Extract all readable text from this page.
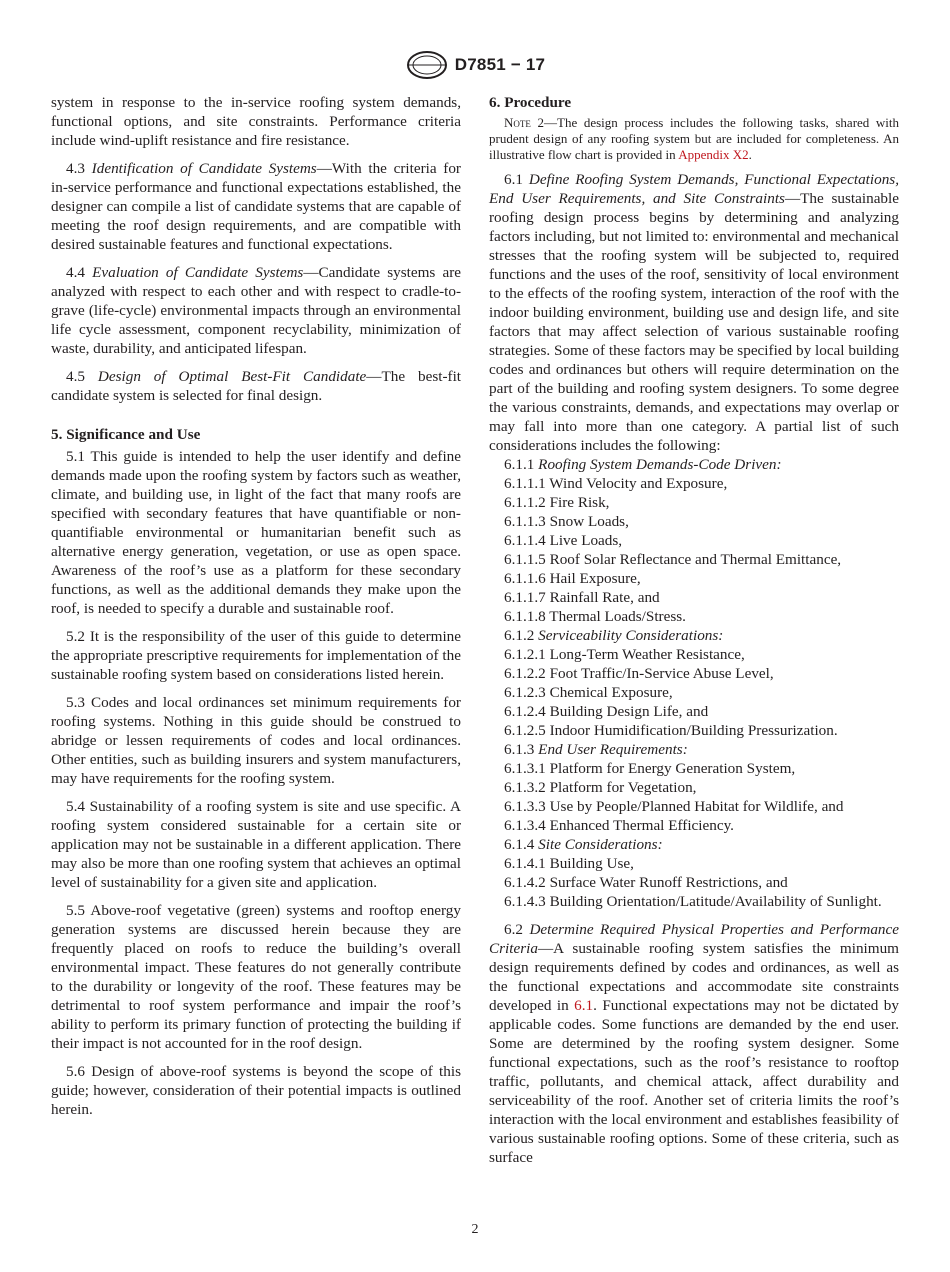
D7851 − 17

system in response to the in-service roofing system demands, functional options, and site constraints. Performance criteria include wind-uplift resistance and fire resistance.

4.3 Identification of Candidate Systems—With the criteria for in-service performance and functional expectations established, the designer can compile a list of candidate systems that are capable of meeting the roof design requirements, and are compatible with desired sustainable features and functional expectations.

4.4 Evaluation of Candidate Systems—Candidate systems are analyzed with respect to each other and with respect to cradle-to-grave (life-cycle) environmental impacts through an environmental life cycle assessment, component recyclability, minimization of waste, durability, and anticipated lifespan.

4.5 Design of Optimal Best-Fit Candidate—The best-fit candidate system is selected for final design.

5. Significance and Use

5.1 This guide is intended to help the user identify and define demands made upon the roofing system by factors such as weather, climate, and building use, in light of the fact that many roofs are specified with secondary features that have quantifiable or non-quantifiable environmental or humanitarian benefit such as alternative energy generation, vegetation, or use as open space. Awareness of the roof’s use as a platform for these secondary functions, as well as the additional demands they make upon the roof, is needed to specify a durable and sustainable roof.

5.2 It is the responsibility of the user of this guide to determine the appropriate prescriptive requirements for implementation of the sustainable roofing system based on considerations listed herein.

5.3 Codes and local ordinances set minimum requirements for roofing systems. Nothing in this guide should be construed to abridge or lessen requirements of codes and local ordinances. Other entities, such as building insurers and system manufacturers, may have requirements for the roofing system.

5.4 Sustainability of a roofing system is site and use specific. A roofing system considered sustainable for a certain site or application may not be sustainable in a different application. There may also be more than one roofing system that achieves an optimal level of sustainability for a given site and application.

5.5 Above-roof vegetative (green) systems and rooftop energy generation systems are discussed herein because they are frequently placed on roofs to reduce the building’s overall environmental impact. These features do not generally contribute to the durability or longevity of the roof. These features may be detrimental to roof system performance and impair the roof’s ability to perform its primary function of protecting the building if their impact is not accounted for in the roof design.

5.6 Design of above-roof systems is beyond the scope of this guide; however, consideration of their potential impacts is outlined herein.

6. Procedure

Note 2—The design process includes the following tasks, shared with prudent design of any roofing system but are included for completeness. An illustrative flow chart is provided in Appendix X2.

6.1 Define Roofing System Demands, Functional Expectations, End User Requirements, and Site Constraints—The sustainable roofing design process begins by determining and analyzing factors including, but not limited to: environmental and mechanical stresses that the roofing system will be subjected to, required functions and the uses of the roof, sensitivity of local environment to the effects of the roofing system, interaction of the roof with the indoor building environment, building use and design life, and site factors that may affect selection of various sustainable roofing strategies. Some of these factors may be specified by local building codes and ordinances but others will require determination on the part of the building and roofing system designers. To some degree the various constraints, demands, and expectations may overlap or may fall into more than one category. A partial list of such considerations includes the following:

6.1.1 Roofing System Demands-Code Driven:

6.1.1.1 Wind Velocity and Exposure,

6.1.1.2 Fire Risk,

6.1.1.3 Snow Loads,

6.1.1.4 Live Loads,

6.1.1.5 Roof Solar Reflectance and Thermal Emittance,

6.1.1.6 Hail Exposure,

6.1.1.7 Rainfall Rate, and

6.1.1.8 Thermal Loads/Stress.

6.1.2 Serviceability Considerations:

6.1.2.1 Long-Term Weather Resistance,

6.1.2.2 Foot Traffic/In-Service Abuse Level,

6.1.2.3 Chemical Exposure,

6.1.2.4 Building Design Life, and

6.1.2.5 Indoor Humidification/Building Pressurization.

6.1.3 End User Requirements:

6.1.3.1 Platform for Energy Generation System,

6.1.3.2 Platform for Vegetation,

6.1.3.3 Use by People/Planned Habitat for Wildlife, and

6.1.3.4 Enhanced Thermal Efficiency.

6.1.4 Site Considerations:

6.1.4.1 Building Use,

6.1.4.2 Surface Water Runoff Restrictions, and

6.1.4.3 Building Orientation/Latitude/Availability of Sunlight.

6.2 Determine Required Physical Properties and Performance Criteria—A sustainable roofing system satisfies the minimum design requirements defined by codes and ordinances, as well as the functional expectations and accommodate site constraints developed in 6.1. Functional expectations may not be dictated by applicable codes. Some functions are demanded by the end user. Some are determined by the roofing system designer. Some functional expectations, such as the roof’s resistance to rooftop traffic, pollutants, and chemical attack, affect durability and serviceability of the roof. Another set of criteria limits the roof’s interaction with the local environment and establishes feasibility of various sustainable roofing options. Some of these criteria, such as surface

2
